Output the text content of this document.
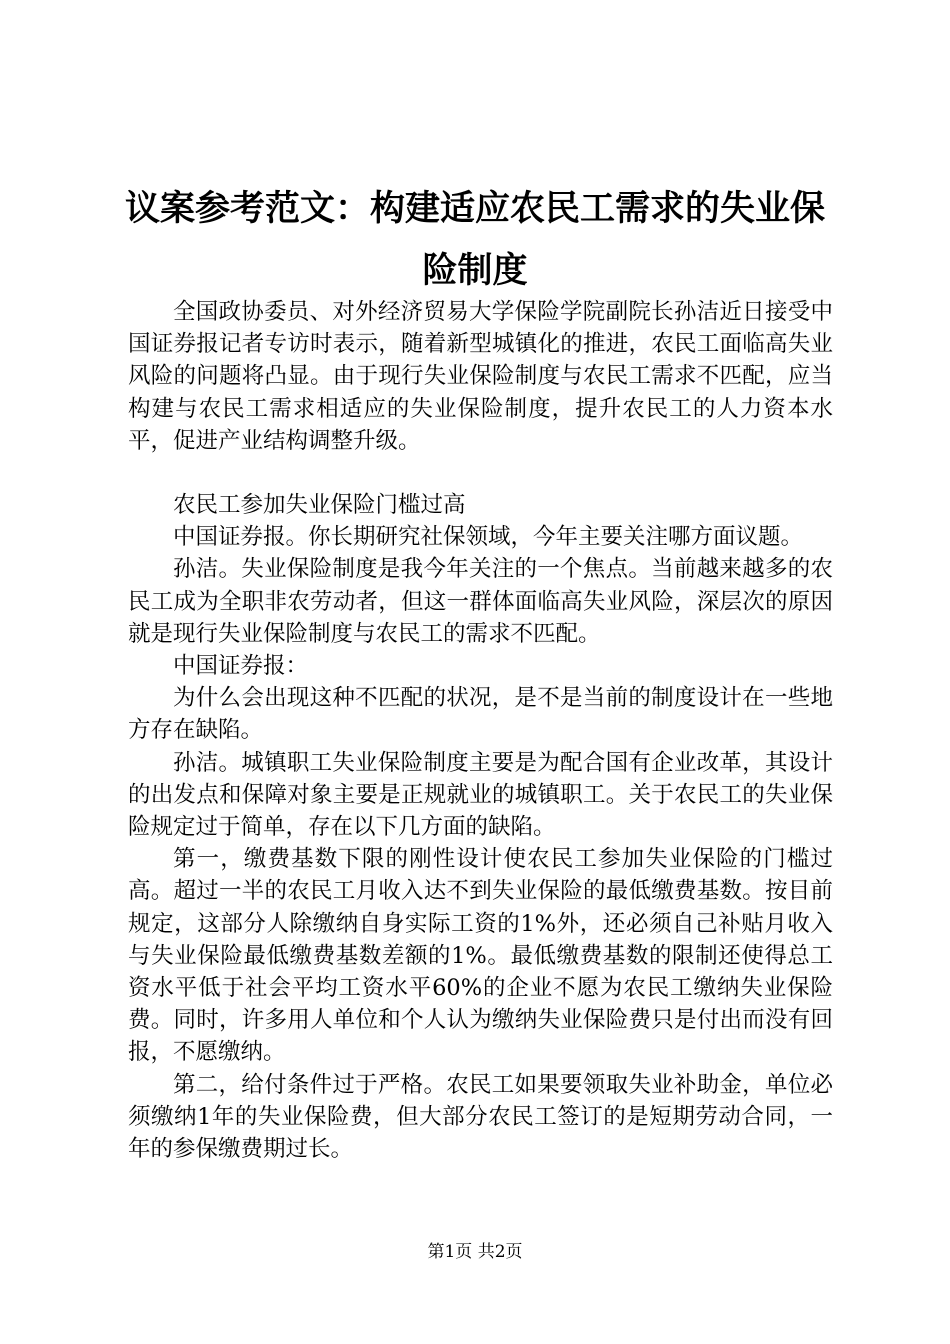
议案参考范文：构建适应农民工需求的失业保
险制度

全国政协委员、对外经济贸易大学保险学院副院长孙洁近日接受中国证券报记者专访时表示，随着新型城镇化的推进，农民工面临高失业风险的问题将凸显。由于现行失业保险制度与农民工需求不匹配，应当构建与农民工需求相适应的失业保险制度，提升农民工的人力资本水平，促进产业结构调整升级。

农民工参加失业保险门槛过高

中国证券报。你长期研究社保领域，今年主要关注哪方面议题。

孙洁。失业保险制度是我今年关注的一个焦点。当前越来越多的农民工成为全职非农劳动者，但这一群体面临高失业风险，深层次的原因就是现行失业保险制度与农民工的需求不匹配。

中国证券报：

为什么会出现这种不匹配的状况，是不是当前的制度设计在一些地方存在缺陷。

孙洁。城镇职工失业保险制度主要是为配合国有企业改革，其设计的出发点和保障对象主要是正规就业的城镇职工。关于农民工的失业保险规定过于简单，存在以下几方面的缺陷。

第一，缴费基数下限的刚性设计使农民工参加失业保险的门槛过高。超过一半的农民工月收入达不到失业保险的最低缴费基数。按目前规定，这部分人除缴纳自身实际工资的1%外，还必须自己补贴月收入与失业保险最低缴费基数差额的1%。最低缴费基数的限制还使得总工资水平低于社会平均工资水平60%的企业不愿为农民工缴纳失业保险费。同时，许多用人单位和个人认为缴纳失业保险费只是付出而没有回报，不愿缴纳。

第二，给付条件过于严格。农民工如果要领取失业补助金，单位必须缴纳1年的失业保险费，但大部分农民工签订的是短期劳动合同，一年的参保缴费期过长。

第1页 共2页
